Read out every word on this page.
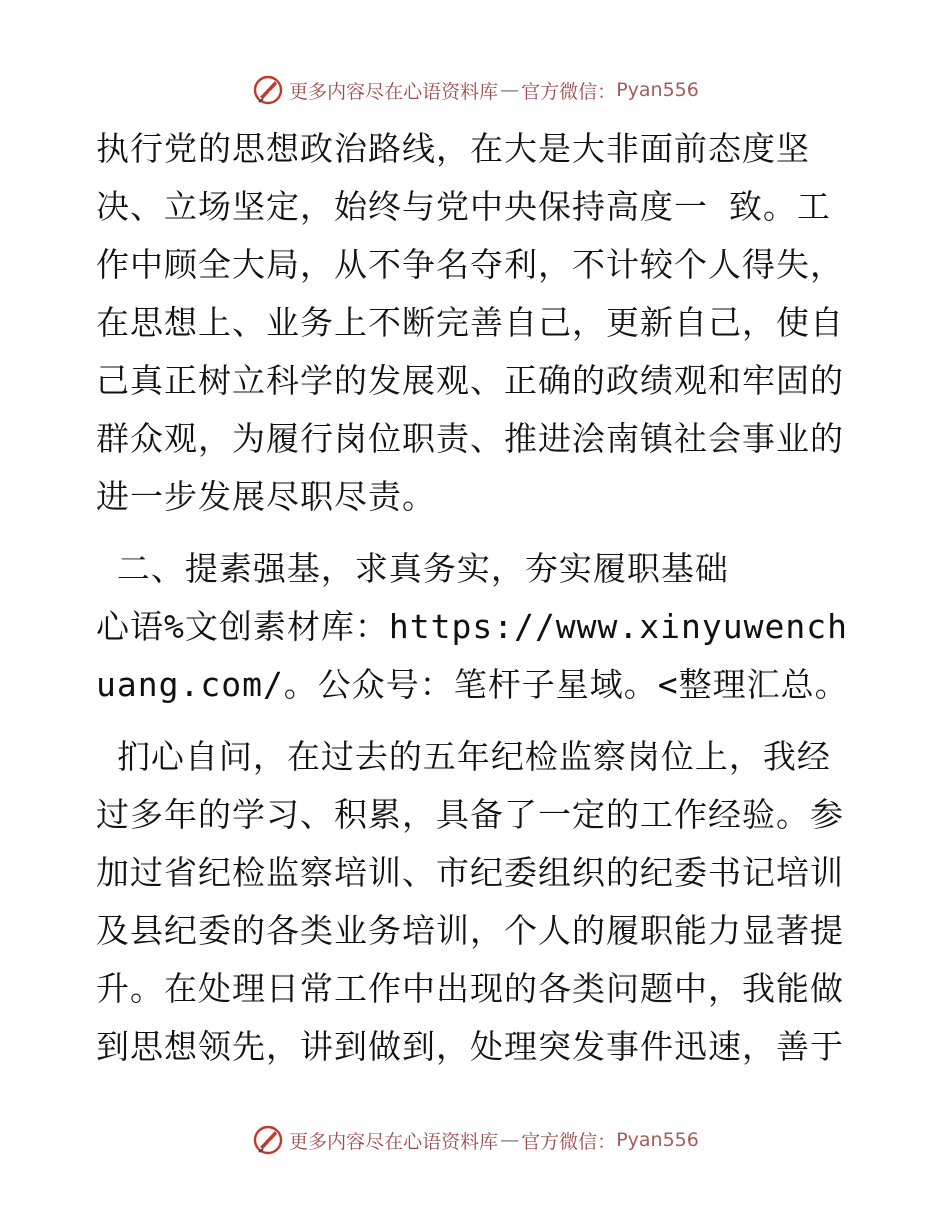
更多内容尽在心语资料库 — 官方微信： Pyan556

执行党的思想政治路线，在大是大非面前态度坚决、立场坚定，始终与党中央保持高度一 致。工作中顾全大局，从不争名夺利，不计较个人得失，在思想上、业务上不断完善自己，更新自己，使自己真正树立科学的发展观、正确的政绩观和牢固的群众观，为履行岗位职责、推进浍南镇社会事业的进一步发展尽职尽责。

二、提素强基，求真务实，夯实履职基础      心语%文创素材库：https://www.xinyuwenchuang.com/。公众号：笔杆子星域。<整理汇总。

扪心自问，在过去的五年纪检监察岗位上，我经过多年的学习、积累，具备了一定的工作经验。参加过省纪检监察培训、市纪委组织的纪委书记培训及县纪委的各类业务培训，个人的履职能力显著提升。在处理日常工作中出现的各类问题中，我能做到思想领先，讲到做到，处理突发事件迅速，善于

更多内容尽在心语资料库 — 官方微信： Pyan556
